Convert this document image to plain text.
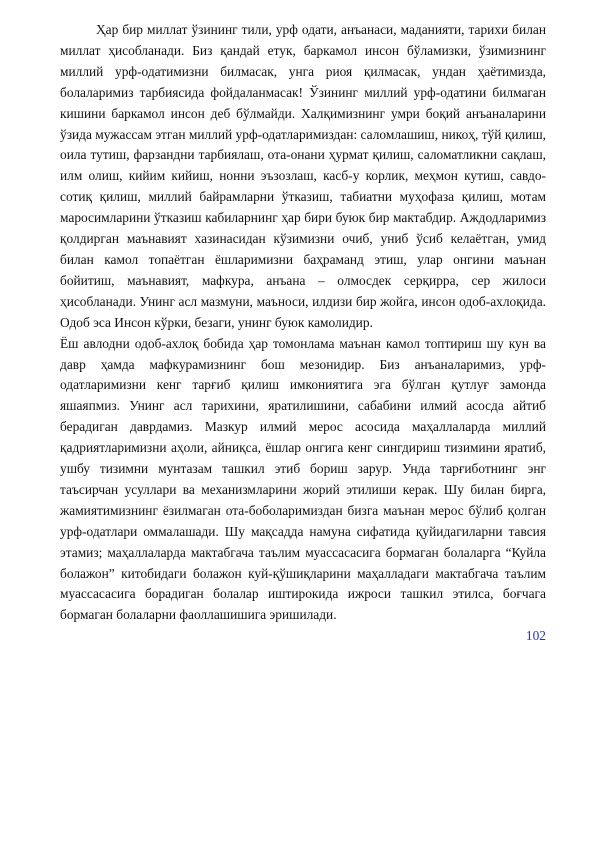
Ҳар бир миллат ўзининг тили, урф одати, анъанаси, маданияти, тарихи билан миллат ҳисобланади. Биз қандай етук, баркамол инсон бўламизки, ўзимизнинг миллий урф-одатимизни билмасак, унга риоя қилмасак, ундан ҳаётимизда, болаларимиз тарбиясида фойдаланмасак! Ўзининг миллий урф-одатини билмаган кишини баркамол инсон деб бўлмайди. Халқимизнинг умри боқий анъаналарини ўзида мужассам этган миллий урф-одатларимиздан: саломлашиш, никоҳ, тўй қилиш, оила тутиш, фарзандни тарбиялаш, ота-онани ҳурмат қилиш, саломатликни сақлаш, илм олиш, кийим кийиш, нонни эъзозлаш, касб-у корлик, меҳмон кутиш, савдо-сотиқ қилиш, миллий байрамларни ўтказиш, табиатни муҳофаза қилиш, мотам маросимларини ўтказиш кабиларнинг ҳар бири буюк бир мактабдир. Аждодларимиз қолдирган маънавият хазинасидан кўзимизни очиб, униб ўсиб келаётган, умид билан камол топаётган ёшларимизни баҳраманд этиш, улар онгини маънан бойитиш, маънавият, мафкура, анъана – олмосдек серқирра, сер жилоси ҳисобланади. Унинг асл мазмуни, маъноси, илдизи бир жойга, инсон одоб-ахлоқида. Одоб эса Инсон кўрки, безаги, унинг буюк камолидир.

Ёш авлодни одоб-ахлоқ бобида ҳар томонлама маънан камол топтириш шу кун ва давр ҳамда мафкурамизнинг бош мезонидир. Биз анъаналаримиз, урф-одатларимизни кенг тарғиб қилиш имкониятига эга бўлган қутлуғ замонда яшаяпмиз. Унинг асл тарихини, яратилишини, сабабини илмий асосда айтиб берадиган даврдамиз. Мазкур илмий мерос асосида маҳаллаларда миллий қадриятларимизни аҳоли, айниқса, ёшлар онгига кенг сингдириш тизимини яратиб, ушбу тизимни мунтазам ташкил этиб бориш зарур. Унда тарғиботнинг энг таъсирчан усуллари ва механизмларини жорий этилиши керак. Шу билан бирга, жамиятимизнинг ёзилмаган ота-боболаримиздан бизга маънан мерос бўлиб қолган урф-одатлари оммалашади. Шу мақсадда намуна сифатида қуйидагиларни тавсия этамиз; маҳаллаларда мактабгача таълим муассасасига бормаган болаларга “Куйла болажон” китобидаги болажон куй-қўшиқларини маҳалладаги мактабгача таълим муассасасига борадиган болалар иштирокида ижроси ташкил этилса, боғчага бормаган болаларни фаоллашишига эришилади.

102
